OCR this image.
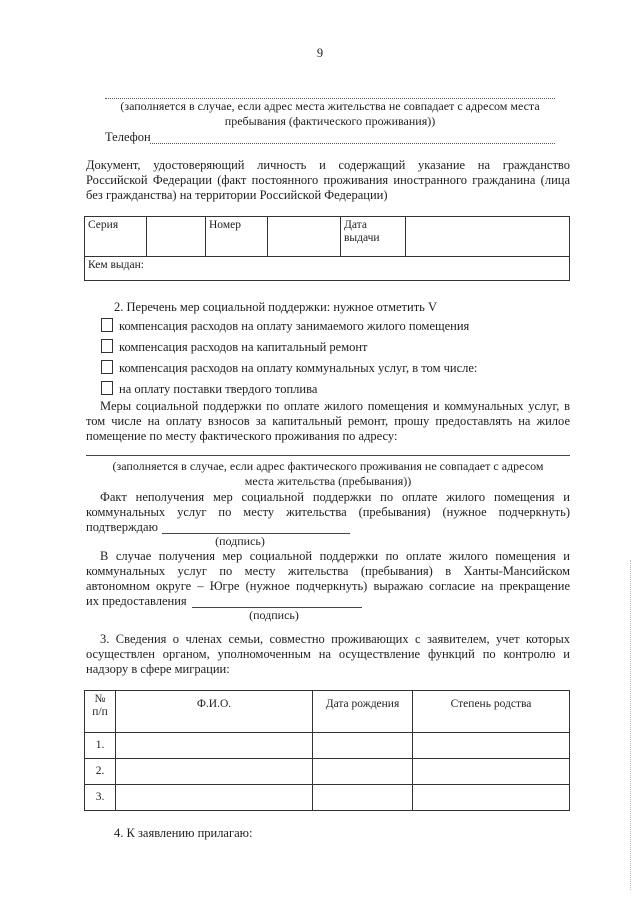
9
(заполняется в случае, если адрес места жительства не совпадает с адресом места
пребывания (фактического проживания))
Телефон
Документ, удостоверяющий личность и содержащий указание на гражданство
Российской Федерации (факт постоянного проживания иностранного гражданина (лица
без гражданства) на территории Российской Федерации)
Серия		Номер		Дата
выдачи	
Кем выдан:
2. Перечень мер социальной поддержки: нужное отметить V
компенсация расходов на оплату занимаемого жилого помещения
компенсация расходов на капитальный ремонт
компенсация расходов на оплату коммунальных услуг, в том числе:
на оплату поставки твердого топлива
Меры социальной поддержки по оплате жилого помещения и коммунальных услуг, в
том числе на оплату взносов за капитальный ремонт, прошу предоставлять на жилое
помещение по месту фактического проживания по адресу:
(заполняется в случае, если адрес фактического проживания не совпадает с адресом
места жительства (пребывания))
Факт неполучения мер социальной поддержки по оплате жилого помещения и
коммунальных услуг по месту жительства (пребывания) (нужное подчеркнуть)
подтверждаю
(подпись)
В случае получения мер социальной поддержки по оплате жилого помещения и
коммунальных услуг по месту жительства (пребывания) в Ханты-Мансийском
автономном округе – Югре (нужное подчеркнуть) выражаю согласие на прекращение
их предоставления
(подпись)
3. Сведения о членах семьи, совместно проживающих с заявителем, учет которых
осуществлен органом, уполномоченным на осуществление функций по контролю и
надзору в сфере миграции:
№
п/п	Ф.И.О.	Дата рождения	Степень родства
1.			
2.			
3.			
4. К заявлению прилагаю:
